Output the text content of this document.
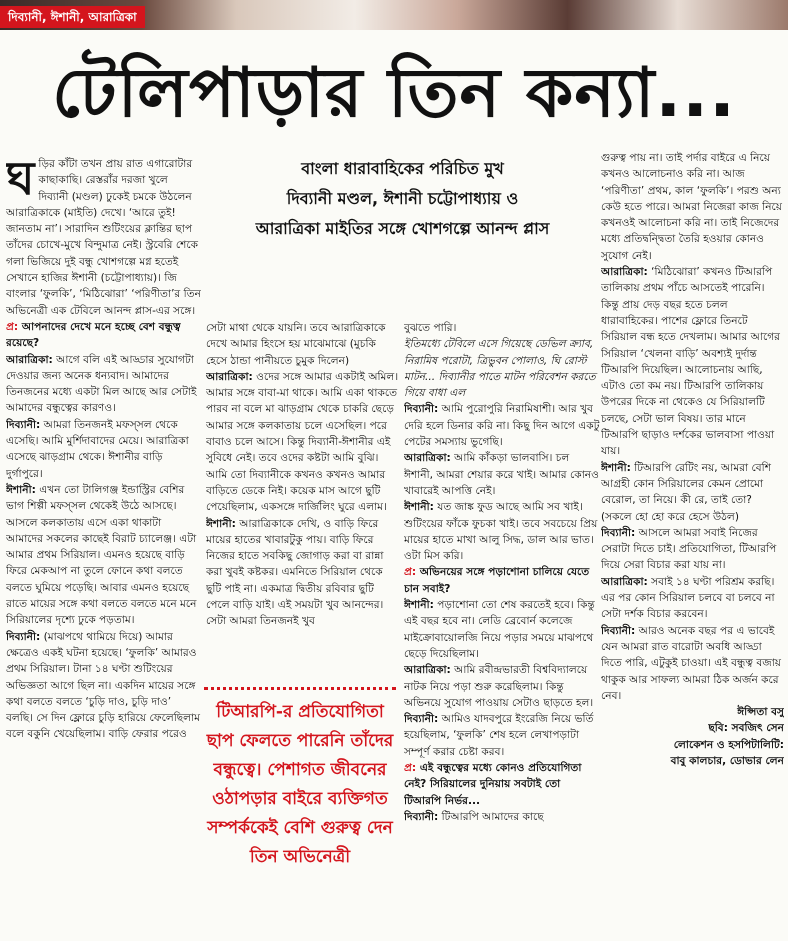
দিব্যানী, ঈশানী, আরাত্রিকা
টেলিপাড়ার তিন কন্যা...
বাংলা ধারাবাহিকের পরিচিত মুখ
দিব্যানী মণ্ডল, ঈশানী চট্টোপাধ্যায় ও
আরাত্রিকা মাইতির সঙ্গে খোশগল্পে আনন্দ প্লাস

ঘড়ির কাঁটা তখন প্রায় রাত এগারোটার কাছাকাছি। রেস্তরাঁর দরজা খুলে দিব্যানী (মণ্ডল) ঢুকেই চমকে উঠলেন আরাত্রিকাকে (মাইতি) দেখে। ‘আরে তুই! জানতাম না’। সারাদিন শুটিংয়ের ক্লান্তির ছাপ তাঁদের চোখে-মুখে বিন্দুমাত্র নেই। স্ট্রবেরি শেকে গলা ভিজিয়ে দুই বন্ধু খোশগল্পে মগ্ন হতেই সেখানে হাজির ঈশানী (চট্টোপাধ্যায়)। জি বাংলার ‘ফুলকি’, ‘মিঠিঝোরা’ ‘পরিণীতা’র তিন অভিনেত্রী এক টেবিলে আনন্দ প্লাস-এর সঙ্গে।

প্র: আপনাদের দেখে মনে হচ্ছে বেশ বন্ধুত্ব রয়েছে?

আরাত্রিকা: আগে বলি এই আড্ডার সুযোগটা দেওয়ার জন্য অনেক ধন্যবাদ। আমাদের তিনজনের মধ্যে একটা মিল আছে আর সেটাই আমাদের বন্ধুত্বের কারণও।

দিব্যানী: আমরা তিনজনই মফস্সল থেকে এসেছি। আমি মুর্শিদাবাদের মেয়ে। আরাত্রিকা এসেছে ঝাড়গ্রাম থেকে। ঈশানীর বাড়ি দুর্গাপুরে।

ঈশানী: এখন তো টালিগঞ্জ ইন্ডাস্ট্রির বেশির ভাগ শিল্পী মফস্সল থেকেই উঠে আসছে। আসলে কলকাতায় এসে একা থাকাটা আমাদের সকলের কাছেই বিরাট চ্যালেঞ্জ। এটা আমার প্রথম সিরিয়াল। এমনও হয়েছে বাড়ি ফিরে মেকআপ না তুলে ফোনে কথা বলতে বলতে ঘুমিয়ে পড়েছি। আবার এমনও হয়েছে রাতে মায়ের সঙ্গে কথা বলতে বলতে মনে মনে সিরিয়ালের দৃশ্যে ঢুকে পড়তাম।

দিব্যানী: (মাঝপথে থামিয়ে দিয়ে) আমার ক্ষেত্রেও একই ঘটনা হয়েছে। ‘ফুলকি’ আমারও প্রথম সিরিয়াল। টানা ১৪ ঘণ্টা শুটিংয়ের অভিজ্ঞতা আগে ছিল না। একদিন মায়ের সঙ্গে কথা বলতে বলতে ‘চুড়ি দাও, চুড়ি দাও’ বলছি। সে দিন ফ্লোরে চুড়ি হারিয়ে ফেলেছিলাম বলে বকুনি খেয়েছিলাম। বাড়ি ফেরার পরেও

সেটা মাথা থেকে যায়নি। তবে আরাত্রিকাকে দেখে আমার হিংসে হয় মাঝেমাঝে (মুচকি হেসে ঠান্ডা পানীয়তে চুমুক দিলেন)

আরাত্রিকা: ওদের সঙ্গে আমার একটাই অমিল। আমার সঙ্গে বাবা-মা থাকে। আমি একা থাকতে পারব না বলে মা ঝাড়গ্রাম থেকে চাকরি ছেড়ে আমার সঙ্গে কলকাতায় চলে এসেছিল। পরে বাবাও চলে আসে। কিন্তু দিব্যানী-ঈশানীর এই সুবিধে নেই। তবে ওদের কষ্টটা আমি বুঝি। আমি তো দিব্যানীকে কখনও কখনও আমার বাড়িতে ডেকে নিই। কয়েক মাস আগে ছুটি পেয়েছিলাম, একসঙ্গে দার্জিলিং ঘুরে এলাম।

ঈশানী: আরাত্রিকাকে দেখি, ও বাড়ি ফিরে মায়ের হাতের খাবারটুকু পায়। বাড়ি ফিরে নিজের হাতে সবকিছু জোগাড় করা বা রান্না করা খুবই কষ্টকর। এমনিতে সিরিয়াল থেকে ছুটি পাই না। একমাত্র দ্বিতীয় রবিবার ছুটি পেলে বাড়ি যাই। এই সময়টা খুব আনন্দের। সেটা আমরা তিনজনই খুব

টিআরপি-র প্রতিযোগিতা ছাপ ফেলতে পারেনি তাঁদের বন্ধুত্বে। পেশাগত জীবনের ওঠাপড়ার বাইরে ব্যক্তিগত সম্পর্ককেই বেশি গুরুত্ব দেন তিন অভিনেত্রী

বুঝতে পারি।

ইতিমধ্যে টেবিলে এসে গিয়েছে ডেভিল ক্র্যাব, নিরামিষ পরোটা, ত্রিভুবন পোলাও, ঘি রোস্ট মাটন... দিব্যানীর পাতে মাটন পরিবেশন করতে গিয়ে বাধা এল

দিব্যানী: আমি পুরোপুরি নিরামিষাশী। আর খুব দেরি হলে ডিনার করি না। কিছু দিন আগে একটু পেটের সমস্যায় ভুগেছি।

আরাত্রিকা: আমি কাঁকড়া ভালবাসি। চল ঈশানী, আমরা শেয়ার করে খাই। আমার কোনও খাবারেই আপত্তি নেই।

ঈশানী: যত জাঙ্ক ফুড আছে আমি সব খাই। শুটিংয়ের ফাঁকে ফুচকা খাই। তবে সবচেয়ে প্রিয় মায়ের হাতে মাখা আলু সিদ্ধ, ডাল আর ভাত। ওটা মিস করি।

প্র: অভিনয়ের সঙ্গে পড়াশোনা চালিয়ে যেতে চান সবাই?

ঈশানী: পড়াশোনা তো শেষ করতেই হবে। কিন্তু এই বছর হবে না। লেডি ব্রেবোর্ন কলেজে মাইক্রোবায়োলজি নিয়ে পড়ার সময়ে মাঝপথে ছেড়ে দিয়েছিলাম।

আরাত্রিকা: আমি রবীন্দ্রভারতী বিশ্ববিদ্যালয়ে নাটক নিয়ে পড়া শুরু করেছিলাম। কিন্তু অভিনয়ে সুযোগ পাওয়ায় সেটাও ছাড়তে হল।

দিব্যানী: আমিও যাদবপুরে ইংরেজি নিয়ে ভর্তি হয়েছিলাম, ‘ফুলকি’ শেষ হলে লেখাপড়াটা সম্পূর্ণ করার চেষ্টা করব।

প্র: এই বন্ধুত্বের মধ্যে কোনও প্রতিযোগিতা নেই? সিরিয়ালের দুনিয়ায় সবটাই তো টিআরপি নির্ভর...

দিব্যানী: টিআরপি আমাদের কাছে

গুরুত্ব পায় না। তাই পর্দার বাইরে এ নিয়ে কখনও আলোচনাও করি না। আজ ‘পরিণীতা’ প্রথম, কাল ‘ফুলকি’। পরশু অন্য কেউ হতে পারে। আমরা নিজেরা কাজ নিয়ে কখনওই আলোচনা করি না। তাই নিজেদের মধ্যে প্রতিদ্বন্দ্বিতা তৈরি হওয়ার কোনও সুযোগ নেই।

আরাত্রিকা: ‘মিঠিঝোরা’ কখনও টিআরপি তালিকায় প্রথম পাঁচে আসতেই পারেনি। কিন্তু প্রায় দেড় বছর হতে চলল ধারাবাহিকের। পাশের ফ্লোরে তিনটে সিরিয়াল বন্ধ হতে দেখলাম। আমার আগের সিরিয়াল ‘খেলনা বাড়ি’ অবশ্যই দুর্দান্ত টিআরপি দিয়েছিল। আলোচনায় আছি, এটাও তো কম নয়। টিআরপি তালিকায় উপরের দিকে না থেকেও যে সিরিয়ালটি চলছে, সেটা ভাল বিষয়। তার মানে টিআরপি ছাড়াও দর্শকের ভালবাসা পাওয়া যায়।

ঈশানী: টিআরপি রেটিং নয়, আমরা বেশি আগ্রহী কোন সিরিয়ালের কেমন প্রোমো বেরোল, তা নিয়ে। কী রে, তাই তো? (সকলে হো হো করে হেসে উঠল)

দিব্যানী: আসলে আমরা সবাই নিজের সেরাটা দিতে চাই। প্রতিযোগিতা, টিআরপি দিয়ে সেরা বিচার করা যায় না।

আরাত্রিকা: সবাই ১৪ ঘণ্টা পরিশ্রম করছি। এর পর কোন সিরিয়াল চলবে বা চলবে না সেটা দর্শক বিচার করবেন।

দিব্যানী: আরও অনেক বছর পর এ ভাবেই যেন আমরা রাত বারোটা অবধি আড্ডা দিতে পারি, এটুকুই চাওয়া। এই বন্ধুত্ব বজায় থাকুক আর সাফল্য আমরা ঠিক অর্জন করে নেব।

ঈপ্সিতা বসু

ছবি: সবজিৎ সেন

লোকেশন ও হসপিটালিটি:

বাবু কালচার, ডোভার লেন
